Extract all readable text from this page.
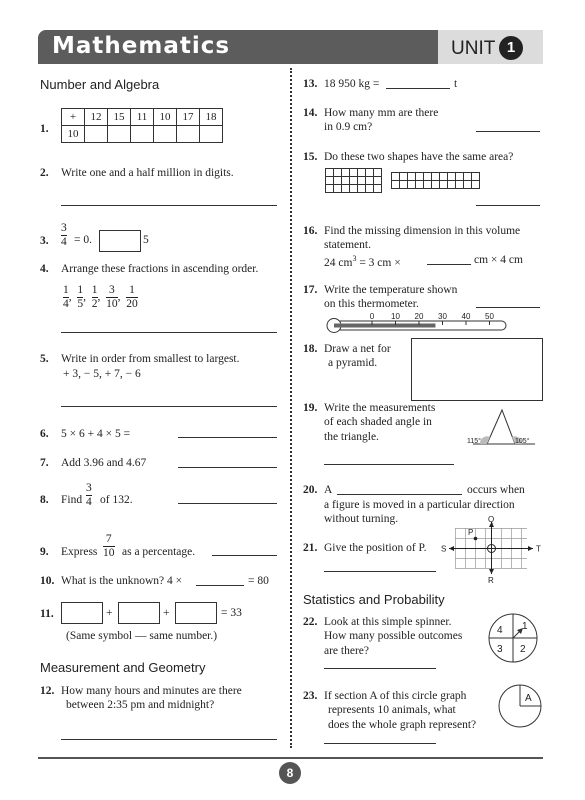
Mathematics	UNIT 1
Number and Algebra
1.
+	12	15	11	10	17	18
10						
2. Write one and a half million in digits.
3. $\frac{3}{4} = 0$.	5
4. Arrange these fractions in ascending order.
$\frac{1}{4}$ , $\frac{1}{5}$ , $\frac{1}{2}$ , $\frac{3}{10}$ , $\frac{1}{20}$
5. Write in order from smallest to largest.
+ 3, − 5, + 7, − 6
6. 5 × 6 + 4 × 5 =
7. Add 3.96 and 4.67
8. Find $\frac{3}{4}$ of 132.
9. Express $\frac{7}{10}$ as a percentage.
10. What is the unknown? 4 ×	= 80
11.	+	+	= 33
(Same symbol — same number.)
Measurement and Geometry
12. How many hours and minutes are there
between 2:35 pm and midnight?
13. 18 950 kg =	t
14. How many mm are there
in 0.9 cm?
15. Do these two shapes have the same area?
16. Find the missing dimension in this volume
statement.
24 $cm^3 = 3$ cm ×	cm × 4 cm
17. Write the temperature shown
on this thermometer.
0 10 20 30 40 50
18. Draw a net for
a pyramid.
19. Write the measurements
of each shaded angle in
the triangle.	115°	105°
20. A	occurs when
a figure is moved in a particular direction
without turning.
21. Give the position of P.
Q
R
S	T
P
Statistics and Probability
22. Look at this simple spinner.
How many possible outcomes
are there?
4 1
3 2
23. If section A of this circle graph
represents 10 animals, what
does the whole graph represent?
A
8
